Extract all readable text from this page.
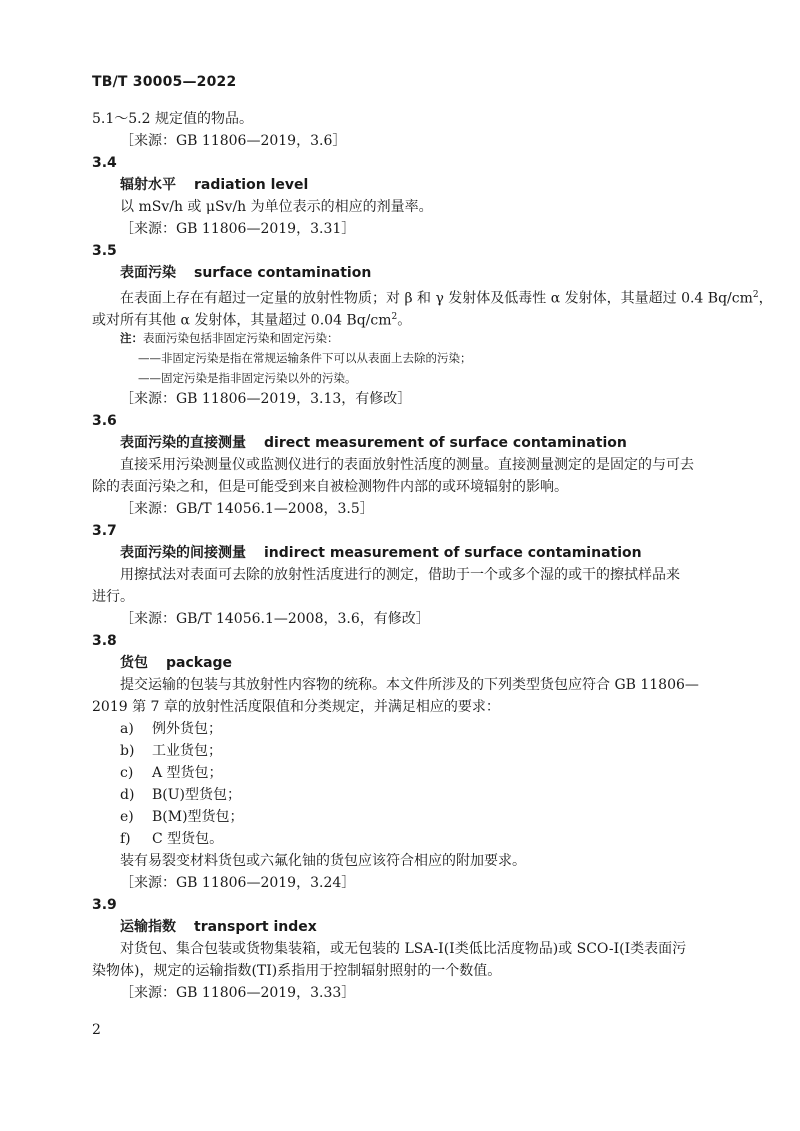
TB/T 30005—2022
5.1～5.2 规定值的物品。
［来源：GB 11806—2019，3.6］
3.4
辐射水平 radiation level
以 mSv/h 或 μSv/h 为单位表示的相应的剂量率。
［来源：GB 11806—2019，3.31］
3.5
表面污染 surface contamination
在表面上存在有超过一定量的放射性物质；对 β 和 γ 发射体及低毒性 α 发射体，其量超过 0.4 $Bq/cm^2$，
或对所有其他 α 发射体，其量超过 0.04 $Bq/cm^2$。
注：表面污染包括非固定污染和固定污染：
——非固定污染是指在常规运输条件下可以从表面上去除的污染；
——固定污染是指非固定污染以外的污染。
［来源：GB 11806—2019，3.13，有修改］
3.6
表面污染的直接测量 direct measurement of surface contamination
直接采用污染测量仪或监测仪进行的表面放射性活度的测量。直接测量测定的是固定的与可去
除的表面污染之和，但是可能受到来自被检测物件内部的或环境辐射的影响。
［来源：GB/T 14056.1—2008，3.5］
3.7
表面污染的间接测量 indirect measurement of surface contamination
用擦拭法对表面可去除的放射性活度进行的测定，借助于一个或多个湿的或干的擦拭样品来
进行。
［来源：GB/T 14056.1—2008，3.6，有修改］
3.8
货包 package
提交运输的包装与其放射性内容物的统称。本文件所涉及的下列类型货包应符合 GB 11806—
2019 第 7 章的放射性活度限值和分类规定，并满足相应的要求：
a) 例外货包；
b) 工业货包；
c) A 型货包；
d) B(U)型货包；
e) B(M)型货包；
f) C 型货包。
装有易裂变材料货包或六氟化铀的货包应该符合相应的附加要求。
［来源：GB 11806—2019，3.24］
3.9
运输指数 transport index
对货包、集合包装或货物集装箱，或无包装的 LSA-Ⅰ(Ⅰ类低比活度物品)或 SCO-Ⅰ(Ⅰ类表面污
染物体)，规定的运输指数(TI)系指用于控制辐射照射的一个数值。
［来源：GB 11806—2019，3.33］
2
